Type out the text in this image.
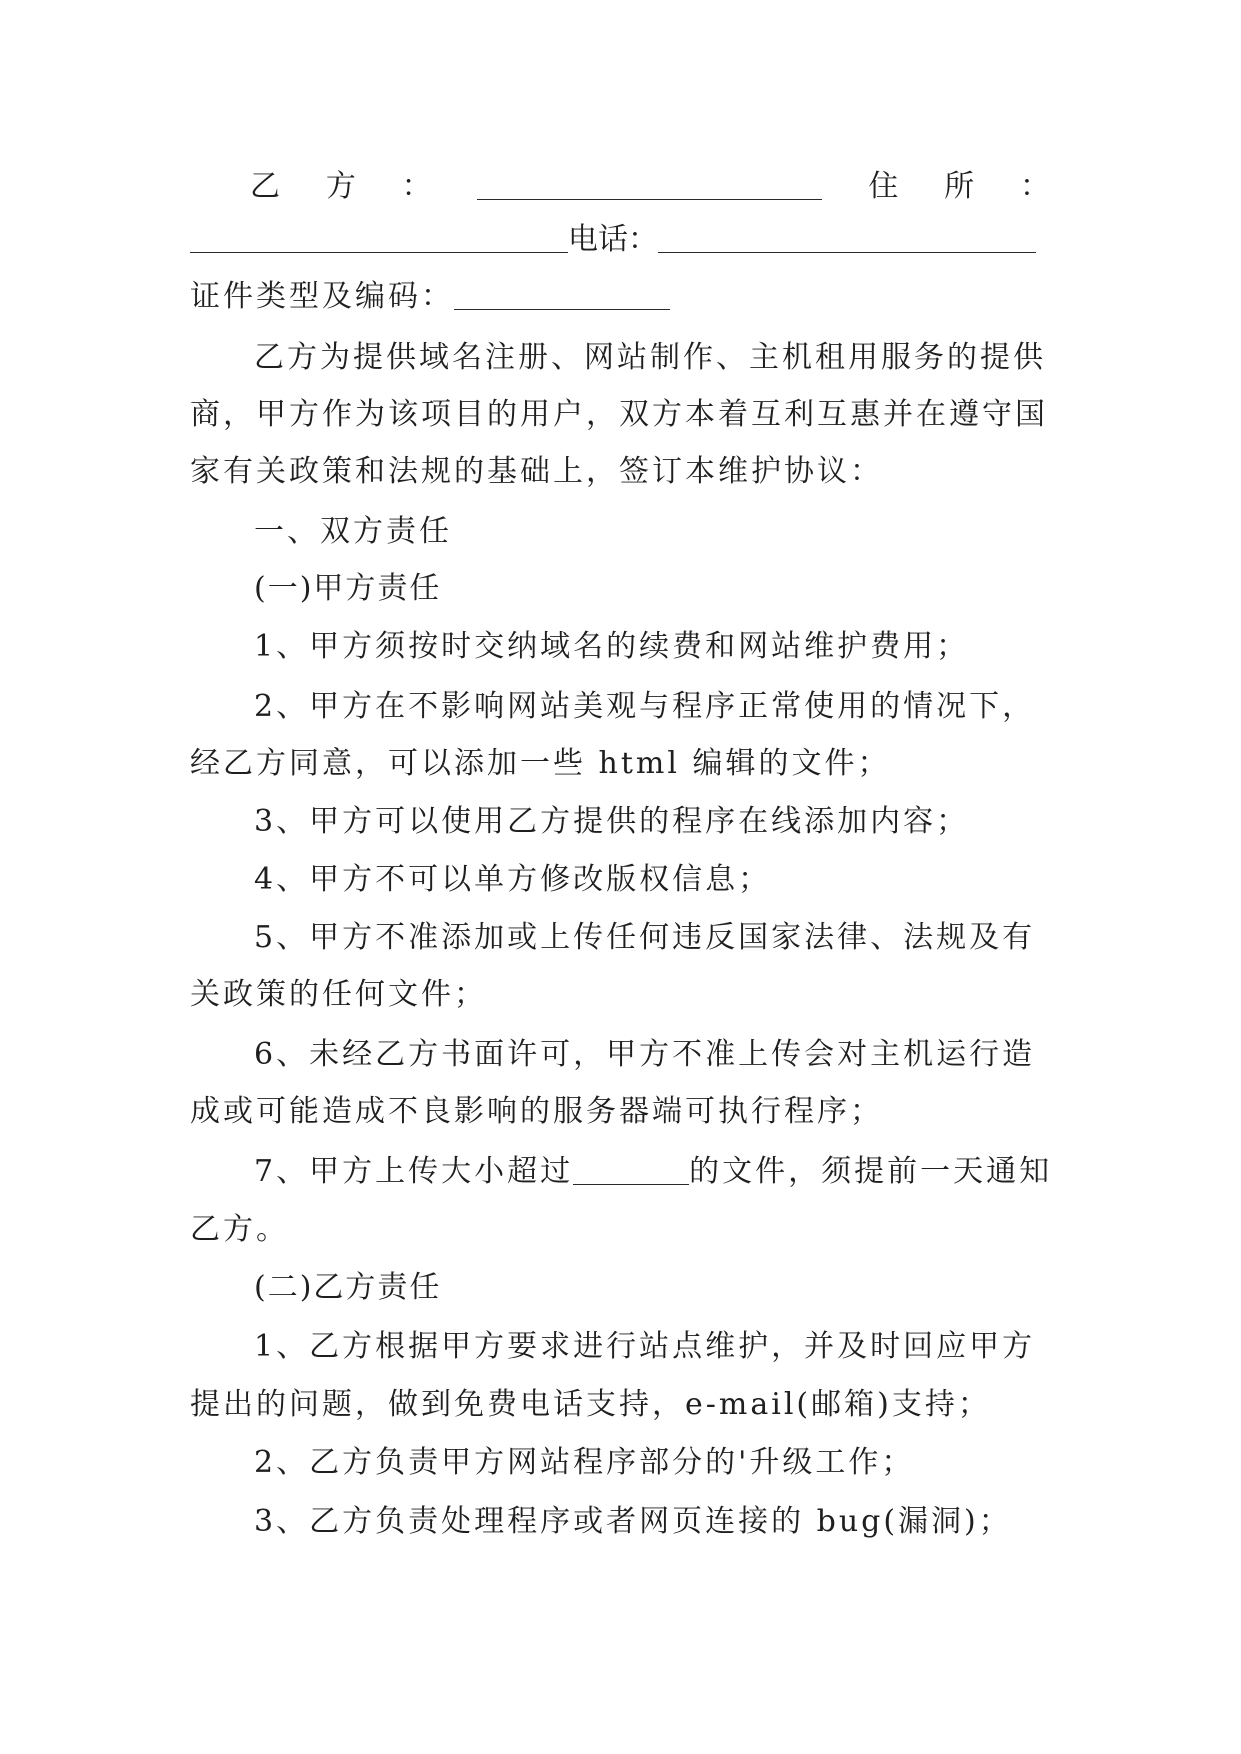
乙 方 ：	住 所 ：
电话：
证件类型及编码：
乙方为提供域名注册、网站制作、主机租用服务的提供
商，甲方作为该项目的用户，双方本着互利互惠并在遵守国
家有关政策和法规的基础上，签订本维护协议：
一、双方责任
(一)甲方责任
1、甲方须按时交纳域名的续费和网站维护费用；
2、甲方在不影响网站美观与程序正常使用的情况下，
经乙方同意，可以添加一些 html 编辑的文件；
3、甲方可以使用乙方提供的程序在线添加内容；
4、甲方不可以单方修改版权信息；
5、甲方不准添加或上传任何违反国家法律、法规及有
关政策的任何文件；
6、未经乙方书面许可，甲方不准上传会对主机运行造
成或可能造成不良影响的服务器端可执行程序；
7、甲方上传大小超过	的文件，须提前一天通知
乙方。
(二)乙方责任
1、乙方根据甲方要求进行站点维护，并及时回应甲方
提出的问题，做到免费电话支持，e-mail(邮箱)支持；
2、乙方负责甲方网站程序部分的'升级工作；
3、乙方负责处理程序或者网页连接的 bug(漏洞)；
